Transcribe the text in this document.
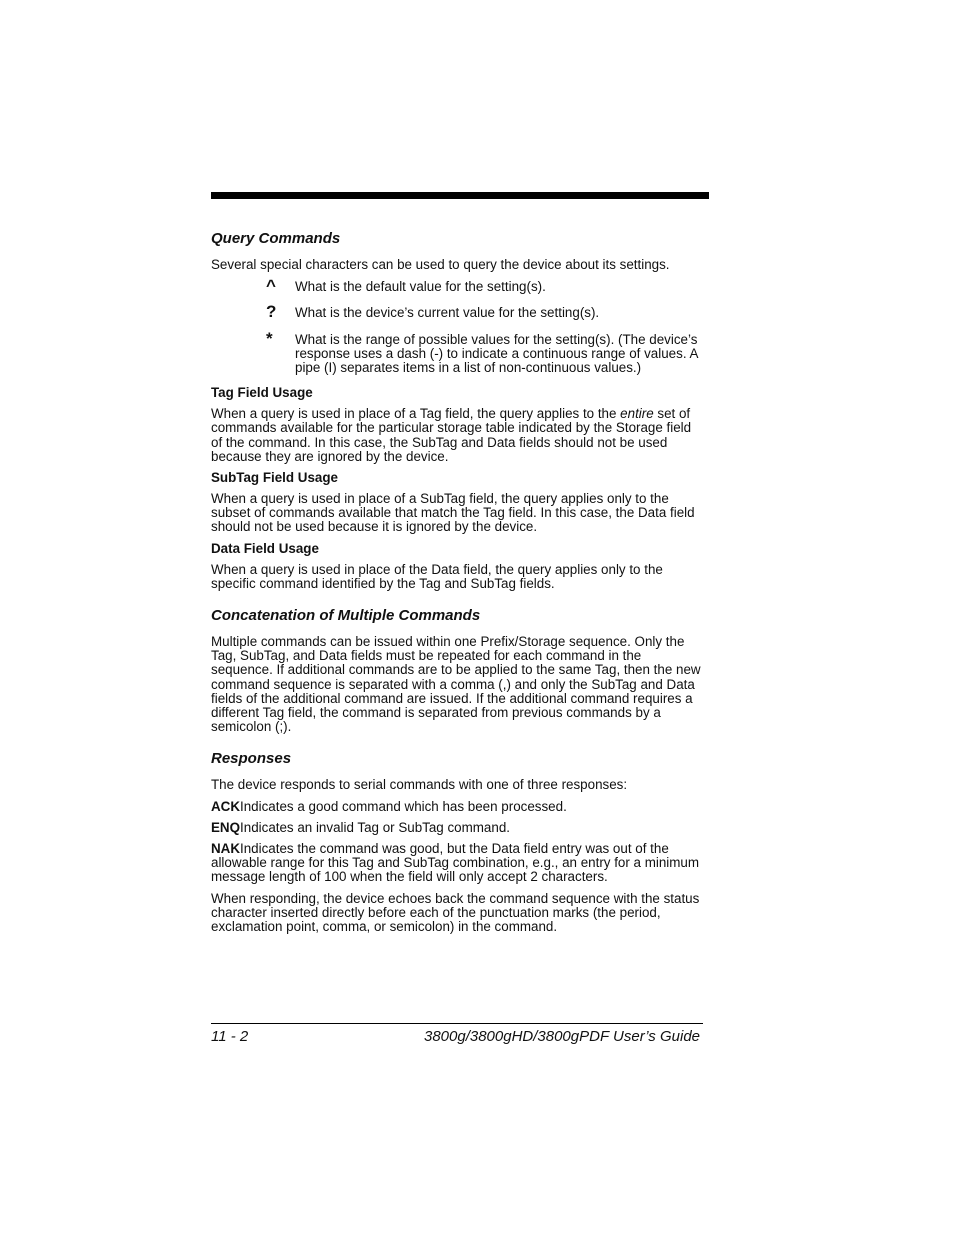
Query Commands

Several special characters can be used to query the device about its settings.

^	What is the default value for the setting(s).
?	What is the device’s current value for the setting(s).
*	What is the range of possible values for the setting(s). (The device’s response uses a dash (-) to indicate a continuous range of values. A pipe (I) separates items in a list of non-continuous values.)
Tag Field Usage

When a query is used in place of a Tag field, the query applies to the entire set of commands available for the particular storage table indicated by the Storage field of the command. In this case, the SubTag and Data fields should not be used because they are ignored by the device.

SubTag Field Usage

When a query is used in place of a SubTag field, the query applies only to the subset of commands available that match the Tag field. In this case, the Data field should not be used because it is ignored by the device.

Data Field Usage

When a query is used in place of the Data field, the query applies only to the specific command identified by the Tag and SubTag fields.

Concatenation of Multiple Commands

Multiple commands can be issued within one Prefix/Storage sequence. Only the Tag, SubTag, and Data fields must be repeated for each command in the sequence. If additional commands are to be applied to the same Tag, then the new command sequence is separated with a comma (,) and only the SubTag and Data fields of the additional command are issued. If the additional command requires a different Tag field, the command is separated from previous commands by a semicolon (;).

Responses

The device responds to serial commands with one of three responses:

ACKIndicates a good command which has been processed.

ENQIndicates an invalid Tag or SubTag command.

NAKIndicates the command was good, but the Data field entry was out of the allowable range for this Tag and SubTag combination, e.g., an entry for a minimum message length of 100 when the field will only accept 2 characters.

When responding, the device echoes back the command sequence with the status character inserted directly before each of the punctuation marks (the period, exclamation point, comma, or semicolon) in the command.

11 - 2	3800g/3800gHD/3800gPDF User’s Guide
